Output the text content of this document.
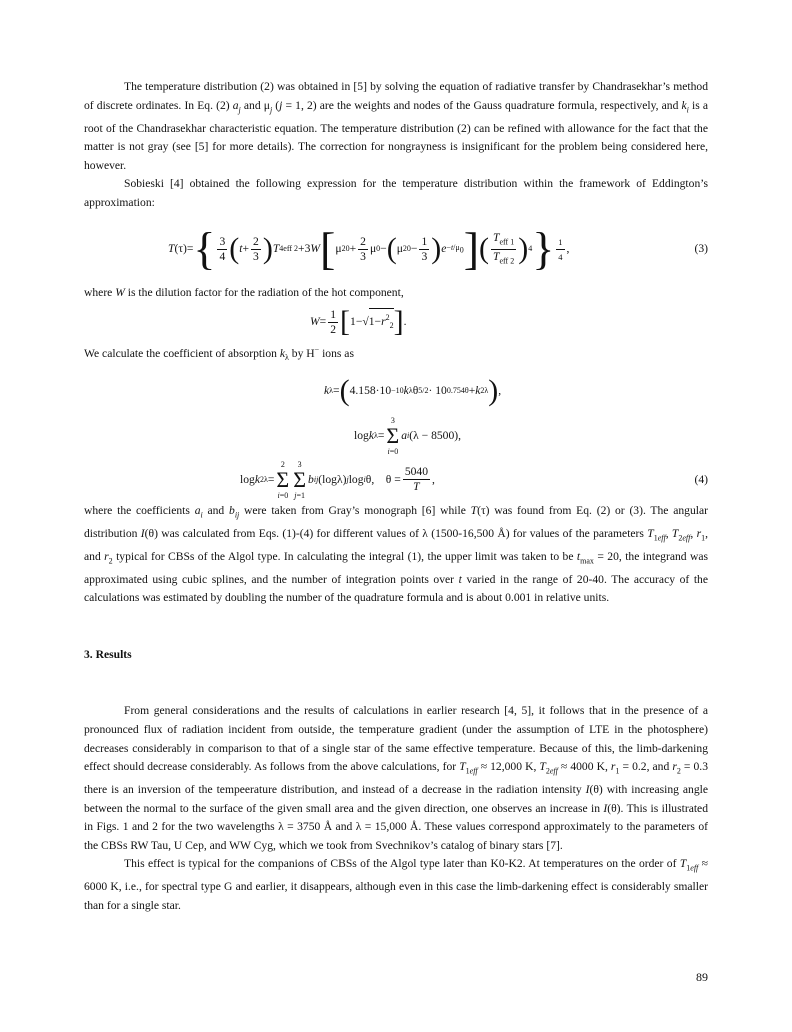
The temperature distribution (2) was obtained in [5] by solving the equation of radiative transfer by Chandrasekhar’s method of discrete ordinates. In Eq. (2) $a_j$ and $\mu_j$ (j = 1, 2) are the weights and nodes of the Gauss quadrature formula, respectively, and $k_i$ is a root of the Chandrasekhar characteristic equation. The temperature distribution (2) can be refined with allowance for the fact that the matter is not gray (see [5] for more details). The correction for nongrayness is insignificant for the problem being considered here, however.

Sobieski [4] obtained the following expression for the temperature distribution within the framework of Eddington’s approximation:

T(τ)= { $\frac{3}{4}$ ( $t + \frac{2}{3}$ ) T 4 eff 2 +3 W [ μ 2 $0 + \frac{2}{3}$ μ 0 − ( μ 2 $0 - \frac{1}{3}$ ) $e -t/\mu_0$ ] ( $\frac{T_{eff 1}}{T_{eff 2}}$ ) 4 } $\frac{1}{4}$ ,	(3)

where W is the dilution factor for the radiation of the hot component,

$W = \frac{1}{2}$ [ 1−√ $1-r^2_2$ ] .

We calculate the coefficient of absorption $k_\lambda$ by H− ions as

k λ = ( 4.158·10 −10 k λ θ 5/2 · 10 0.754θ + k 2 λ ) ,
log k λ =
3
Σ
i=0
a i (λ − 8500),
log k 2 λ =
2
Σ
i=0
3
Σ
j=1
b ij (logλ) j log i θ,    $\theta = \frac{5040}{T}$ ,	(4)

where the coefficients $a_i$ and $b_{ij}$ were taken from Gray’s monograph [6] while T(τ) was found from Eq. (2) or (3). The angular distribution I(θ) was calculated from Eqs. (1)-(4) for different values of λ (1500-16,500 Å) for values of the parameters $T_{1eff}$, $T_{2eff}$, $r_1$, and $r_2$ typical for CBSs of the Algol type. In calculating the integral (1), the upper limit was taken to be $t_{max} = 20$, the integrand was approximated using cubic splines, and the number of integration points over t varied in the range of 20-40. The accuracy of the calculations was estimated by doubling the number of the quadrature formula and is about 0.001 in relative units.

3. Results

From general considerations and the results of calculations in earlier research [4, 5], it follows that in the presence of a pronounced flux of radiation incident from outside, the temperature gradient (under the assumption of LTE in the photosphere) decreases considerably in comparison to that of a single star of the same effective temperature. Because of this, the limb-darkening effect should decrease considerably. As follows from the above calculations, for $T_{1eff} \approx 12,000$ K, $T_{2eff} \approx 4000$ K, $r_1 = 0.2$, and $r_2 = 0.3$ there is an inversion of the tempeerature distribution, and instead of a decrease in the radiation intensity I(θ) with increasing angle between the normal to the surface of the given small area and the given direction, one observes an increase in I(θ). This is illustrated in Figs. 1 and 2 for the two wavelengths λ = 3750 Å and λ = 15,000 Å. These values correspond approximately to the parameters of the CBSs RW Tau, U Cep, and WW Cyg, which we took from Svechnikov’s catalog of binary stars [7].

This effect is typical for the companions of CBSs of the Algol type later than K0-K2. At temperatures on the order of $T_{1eff} \approx 6000$ K, i.e., for spectral type G and earlier, it disappears, although even in this case the limb-darkening effect is considerably smaller than for a single star.

89
